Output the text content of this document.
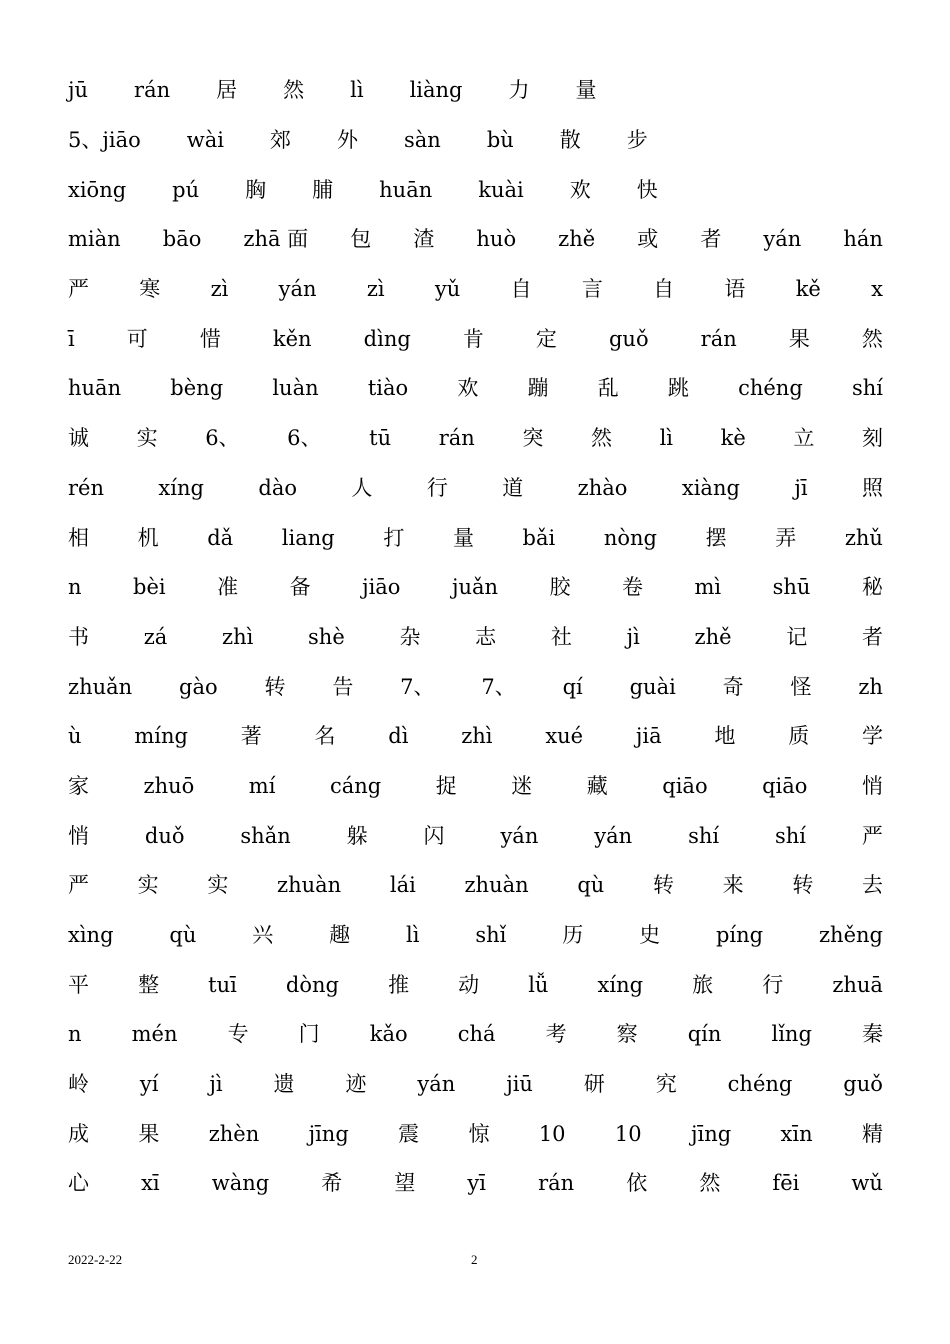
jū rán 居 然 lì liàng 力 量
5、jiāo wài 郊 外 sàn bù 散 步
xiōng pú 胸 脯 huān kuài 欢 快
miàn bāo zhā 面 包 渣 huò zhě 或 者 yán hán
严 寒 zì yán zì yǔ 自 言 自 语 kě x
ī 可 惜 kěn dìng 肯 定 guǒ rán 果 然
huān bèng luàn tiào 欢 蹦 乱 跳 chéng shí
诚 实 6、 6、 tū rán 突 然 lì kè 立 刻
rén	xíng	dào	人	行	道	zhào	xiàng	jī	照
相 机 dǎ liang 打 量 bǎi nòng 摆 弄 zhǔ
n bèi 准 备 jiāo juǎn 胶 卷 mì shū 秘
书	zá	zhì	shè	杂	志	社	jì	zhě	记	者
zhuǎn gào 转 告 7、 7、 qí guài 奇 怪 zh
ù	míng	著	名	dì	zhì	xué	jiā	地	质	学
家	zhuō	mí	cáng	捉	迷	藏	qiāo	qiāo	悄
悄	duǒ	shǎn	躲	闪	yán	yán	shí	shí	严
严 实 实 zhuàn lái zhuàn qù 转 来 转 去
xìng	qù	兴	趣	lì	shǐ	历	史	píng	zhěng
平 整 tuī dòng 推 动 lǚ xíng 旅 行 zhuā
n mén 专 门 kǎo chá 考 察 qín lǐng 秦
岭 yí jì 遗 迹 yán jiū 研 究 chéng guǒ
成 果 zhèn jīng 震 惊 10 10 jīng xīn 精
心 xī wàng 希 望 yī rán 依 然 fēi wǔ
2022-2-22	2
